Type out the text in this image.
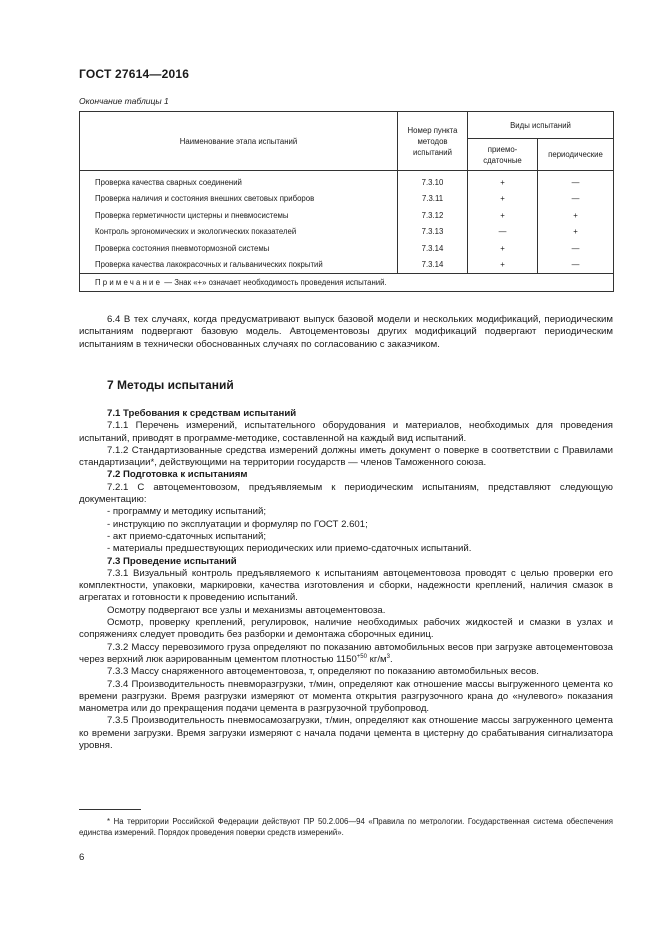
ГОСТ 27614—2016
Окончание таблицы 1
Наименование этапа испытаний	Номер пункта методов испытаний	Виды испытаний	
		приемо-сдаточные	периодические
Проверка качества сварных соединений	7.3.10	+	—
Проверка наличия и состояния внешних световых приборов	7.3.11	+	—
Проверка герметичности цистерны и пневмосистемы	7.3.12	+	+
Контроль эргономических и экологических показателей	7.3.13	—	+
Проверка состояния пневмотормозной системы	7.3.14	+	—
Проверка качества лакокрасочных и гальванических покрытий	7.3.14	+	—
Примечание — Знак «+» означает необходимость проведения испытаний.			

6.4 В тех случаях, когда предусматривают выпуск базовой модели и нескольких модификаций, периодическим испытаниям подвергают базовую модель. Автоцементовозы других модификаций подвергают периодическим испытаниям в технически обоснованных случаях по согласованию с заказчиком.

7 Методы испытаний

7.1 Требования к средствам испытаний

7.1.1 Перечень измерений, испытательного оборудования и материалов, необходимых для проведения испытаний, приводят в программе-методике, составленной на каждый вид испытаний.

7.1.2 Стандартизованные средства измерений должны иметь документ о поверке в соответствии с Правилами стандартизации*, действующими на территории государств — членов Таможенного союза.

7.2 Подготовка к испытаниям

7.2.1 С автоцементовозом, предъявляемым к периодическим испытаниям, представляют следующую документацию:

- программу и методику испытаний;

- инструкцию по эксплуатации и формуляр по ГОСТ 2.601;

- акт приемо-сдаточных испытаний;

- материалы предшествующих периодических или приемо-сдаточных испытаний.

7.3 Проведение испытаний

7.3.1 Визуальный контроль предъявляемого к испытаниям автоцементовоза проводят с целью проверки его комплектности, упаковки, маркировки, качества изготовления и сборки, надежности креплений, наличия смазок в агрегатах и готовности к проведению испытаний.

Осмотру подвергают все узлы и механизмы автоцементовоза.

Осмотр, проверку креплений, регулировок, наличие необходимых рабочих жидкостей и смазки в узлах и сопряжениях следует проводить без разборки и демонтажа сборочных единиц.

7.3.2 Массу перевозимого груза определяют по показанию автомобильных весов при загрузке автоцементовоза через верхний люк аэрированным цементом плотностью $1150^{+50}$ $кг/м^3$.

7.3.3 Массу снаряженного автоцементовоза, т, определяют по показанию автомобильных весов.

7.3.4 Производительность пневморазгрузки, т/мин, определяют как отношение массы выгруженного цемента ко времени разгрузки. Время разгрузки измеряют от момента открытия разгрузочного крана до «нулевого» показания манометра или до прекращения подачи цемента в разгрузочной трубопровод.

7.3.5 Производительность пневмосамозагрузки, т/мин, определяют как отношение массы загруженного цемента ко времени загрузки. Время загрузки измеряют с начала подачи цемента в цистерну до срабатывания сигнализатора уровня.

* На территории Российской Федерации действуют ПР 50.2.006—94 «Правила по метрологии. Государственная система обеспечения единства измерений. Порядок проведения поверки средств измерений».

6
